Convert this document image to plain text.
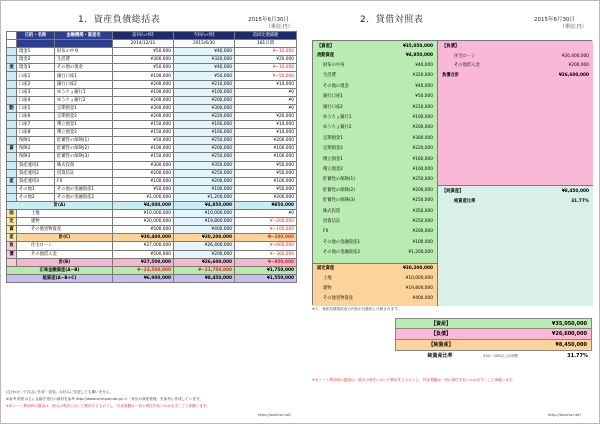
1．資産負債総括表	2015年6月30日
（単位:円）
	日的・名称	金融機関・資産名	前回ﾁｪｯｸ時	今回ﾁｪｯｸ時	前回比増減額
			2014/12/31	2015/6/30	181日間
	現金1	財布の中身	¥50,000	¥40,000	¥−10,000
	現金2	生活費	¥300,000	¥320,000	¥20,000
流	現金3	その他の現金	¥50,000	¥40,000	¥−10,000
	口座1	銀行口座1	¥100,000	¥50,000	¥−50,000
	口座2	銀行口座2	¥200,000	¥210,000	¥10,000
	口座3	ゆうちょ銀行1	¥100,000	¥100,000	¥0
	口座4	ゆうちょ銀行2	¥200,000	¥200,000	¥0
動	口座5	定期預金1	¥300,000	¥300,000	¥0
	口座6	定期預金2	¥200,000	¥220,000	¥20,000
	口座7	積立預金1	¥150,000	¥160,000	¥10,000
	口座8	積立預金2	¥150,000	¥160,000	¥10,000
	保険1	貯蓄性の保険(1)	¥50,000	¥250,000	¥200,000
資	保険2	貯蓄性の保険(2)	¥100,000	¥200,000	¥100,000
	保険3	貯蓄性の保険(3)	¥150,000	¥250,000	¥100,000
	資産運用1	株式投資	¥300,000	¥350,000	¥50,000
	資産運用2	投資信託	¥200,000	¥250,000	¥50,000
産	資産運用3	FX	¥100,000	¥200,000	¥100,000
	その他1	その他の金融資産1	¥50,000	¥100,000	¥50,000
	その他2	その他の金融資産2	¥1,000,000	¥1,200,000	¥200,000
計(A)			¥4,000,000	¥4,850,000	¥850,000
固	土地		¥10,000,000	¥10,000,000	¥0
定	建物		¥20,000,000	¥19,800,000	¥−200,000
資	その他実物資産		¥500,000	¥400,000	¥−100,000
産	計(C)		¥30,400,000	¥30,200,000	¥−200,000
負	住宅ローン		¥27,000,000	¥26,400,000	¥−600,000
債	その他借入金		¥500,000	¥200,000	¥−300,000
	計(B)		¥27,500,000	¥26,600,000	¥−900,000
正味金融資産(A−B)			¥−23,500,000	¥−21,750,000	¥1,750,000
総資産(A−B+C)			¥6,900,000	¥8,450,000	¥1,550,000
(注)ｾﾙｺﾋﾟｰで自由に作成・追加。お好みに変更しても構いません。
※参考 財産は主に金融庁発行の資料を参考 http://www.shiruporuto.jp/ の「家計の資産管理」を参考に作成しています。
※本シート利用時の損害は、個人の責任において利用するものとし、作成者側は一切の責任を負いかねます。ご了承願います。
http://aizuho.net/
2．貸借対照表	2015年6月30日
（単位:円）
【資産】	¥35,050,000
流動資産	¥4,850,000
財布の中身	¥40,000
生活費	¥320,000
その他の現金	¥40,000
銀行口座1	¥50,000
銀行口座2	¥210,000
ゆうちょ銀行1	¥100,000
ゆうちょ銀行2	¥200,000
定期預金1	¥300,000
定期預金2	¥220,000
積立預金1	¥160,000
積立預金2	¥160,000
貯蓄性の保険(1)	¥250,000
貯蓄性の保険(2)	¥200,000
貯蓄性の保険(3)	¥250,000
株式投資	¥350,000
投資信託	¥250,000
FX	¥200,000
その他の金融資産1	¥100,000
その他の金融資産2	¥1,200,000
固定資産	¥30,200,000
土地	¥10,000,000
建物	¥19,800,000
その他実物資産	¥400,000
【負債】
住宅ローン	¥26,400,000
その他借入金	¥200,000
負債合計	¥26,600,000
【純資産】	¥8,450,000
純資産比率	31.77%
※１．資産負債総括表の内容が自動的に反映されます。
【資産】	¥35,050,000
【負債】	¥26,600,000
【純資産】	¥8,450,000
純資産比率	※20〜30%以上が理想	31.77%
※本シート利用時の損害は、個人の責任において利用するものとし、作成者側は一切の責任を負いかねます。ご了承願います。
http://aizuho.net/
